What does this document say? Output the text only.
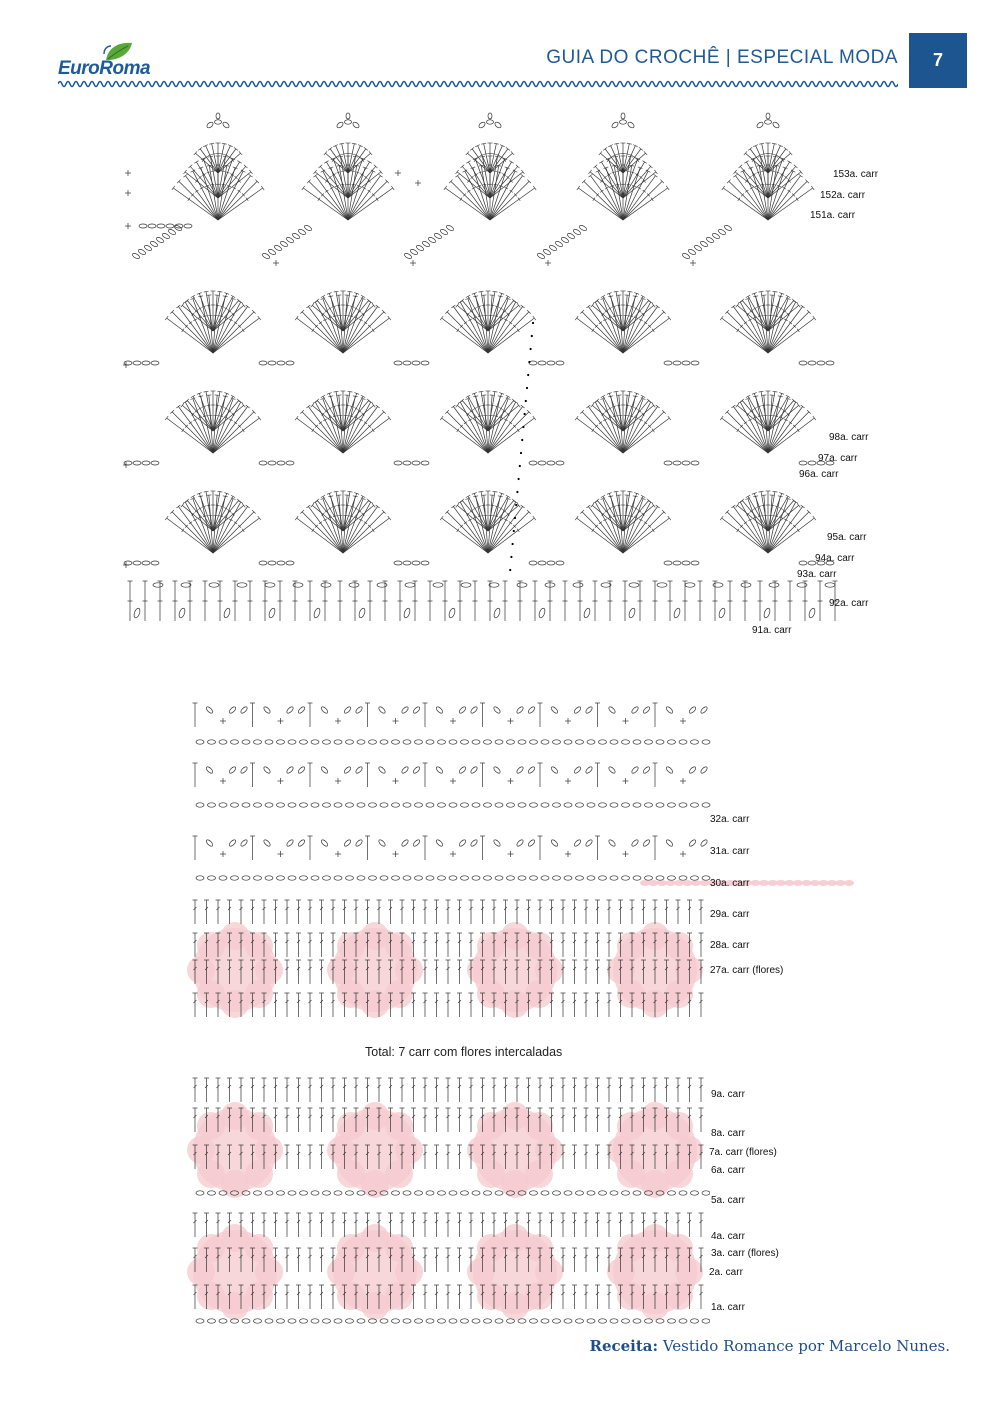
EuroRoma
GUIA DO CROCHÊ | ESPECIAL MODA	7
153a. carr
152a. carr
151a. carr
98a. carr
97a. carr
96a. carr
95a. carr
94a. carr
93a. carr
92a. carr
91a. carr
32a. carr
31a. carr
30a. carr
29a. carr
28a. carr
27a. carr (flores)
Total: 7 carr com flores intercaladas
9a. carr
8a. carr
7a. carr (flores)
6a. carr
5a. carr
4a. carr
3a. carr (flores)
2a. carr
1a. carr
Receita: Vestido Romance por Marcelo Nunes.
